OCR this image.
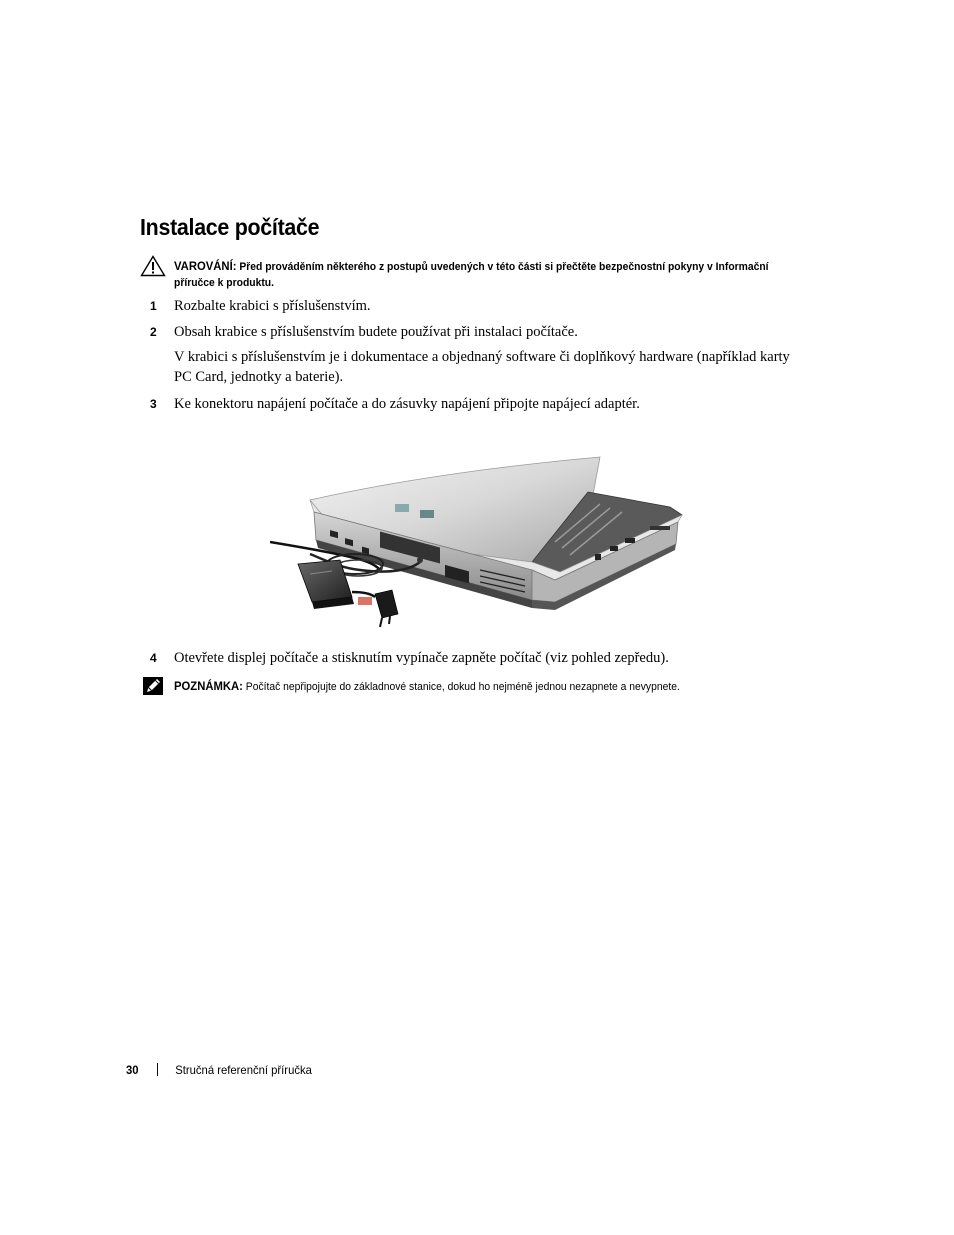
Instalace počítače
VAROVÁNÍ: Před prováděním některého z postupů uvedených v této části si přečtěte bezpečnostní pokyny v Informační příručce k produktu.
1 Rozbalte krabici s příslušenstvím.
2 Obsah krabice s příslušenstvím budete používat při instalaci počítače.
V krabici s příslušenstvím je i dokumentace a objednaný software či doplňkový hardware (například karty PC Card, jednotky a baterie).
3 Ke konektoru napájení počítače a do zásuvky napájení připojte napájecí adaptér.
4 Otevřete displej počítače a stisknutím vypínače zapněte počítač (viz pohled zepředu).
POZNÁMKA: Počítač nepřipojujte do základnové stanice, dokud ho nejméně jednou nezapnete a nevypnete.
30	Stručná referenční příručka
